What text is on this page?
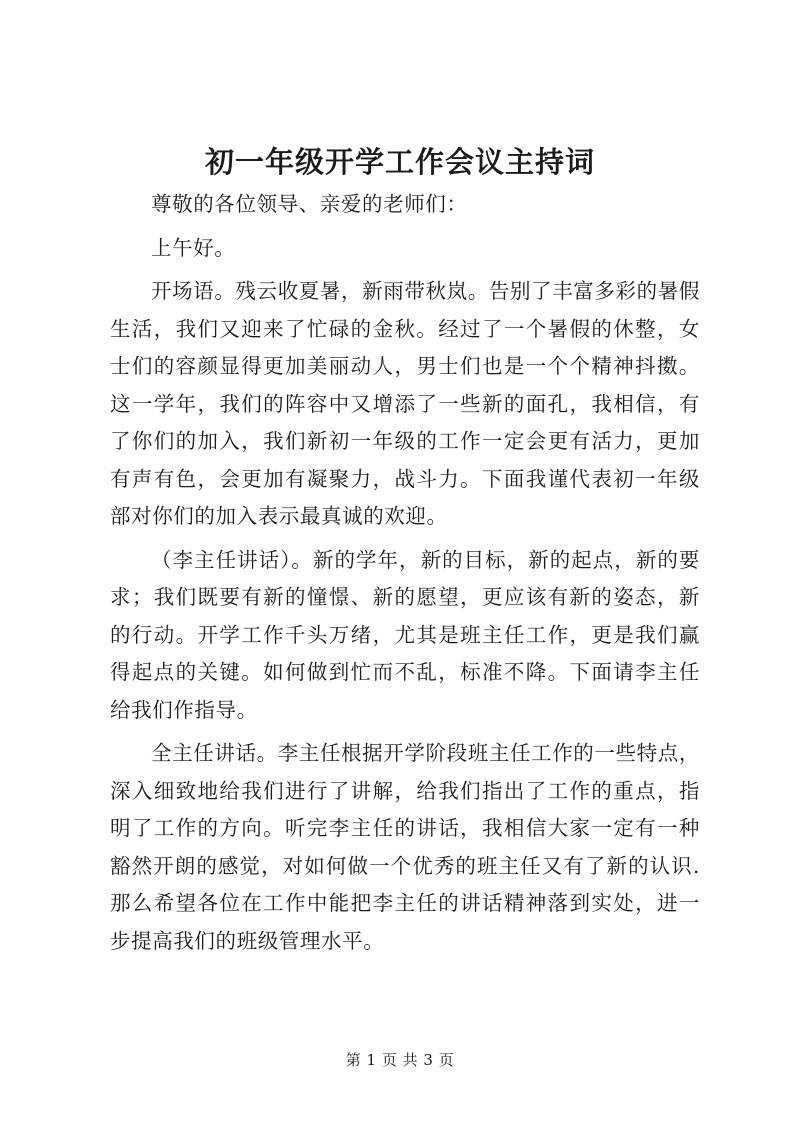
初一年级开学工作会议主持词

尊敬的各位领导、亲爱的老师们：

上午好。

开场语。残云收夏暑，新雨带秋岚。告别了丰富多彩的暑假生活，我们又迎来了忙碌的金秋。经过了一个暑假的休整，女士们的容颜显得更加美丽动人，男士们也是一个个精神抖擞。这一学年，我们的阵容中又增添了一些新的面孔，我相信，有了你们的加入，我们新初一年级的工作一定会更有活力，更加有声有色，会更加有凝聚力，战斗力。下面我谨代表初一年级部对你们的加入表示最真诚的欢迎。

（李主任讲话）。新的学年，新的目标，新的起点，新的要求；我们既要有新的憧憬、新的愿望，更应该有新的姿态，新的行动。开学工作千头万绪，尤其是班主任工作，更是我们赢得起点的关键。如何做到忙而不乱，标准不降。下面请李主任给我们作指导。

全主任讲话。李主任根据开学阶段班主任工作的一些特点，深入细致地给我们进行了讲解，给我们指出了工作的重点，指明了工作的方向。听完李主任的讲话，我相信大家一定有一种豁然开朗的感觉，对如何做一个优秀的班主任又有了新的认识.那么希望各位在工作中能把李主任的讲话精神落到实处，进一步提高我们的班级管理水平。

第 1 页 共 3 页
